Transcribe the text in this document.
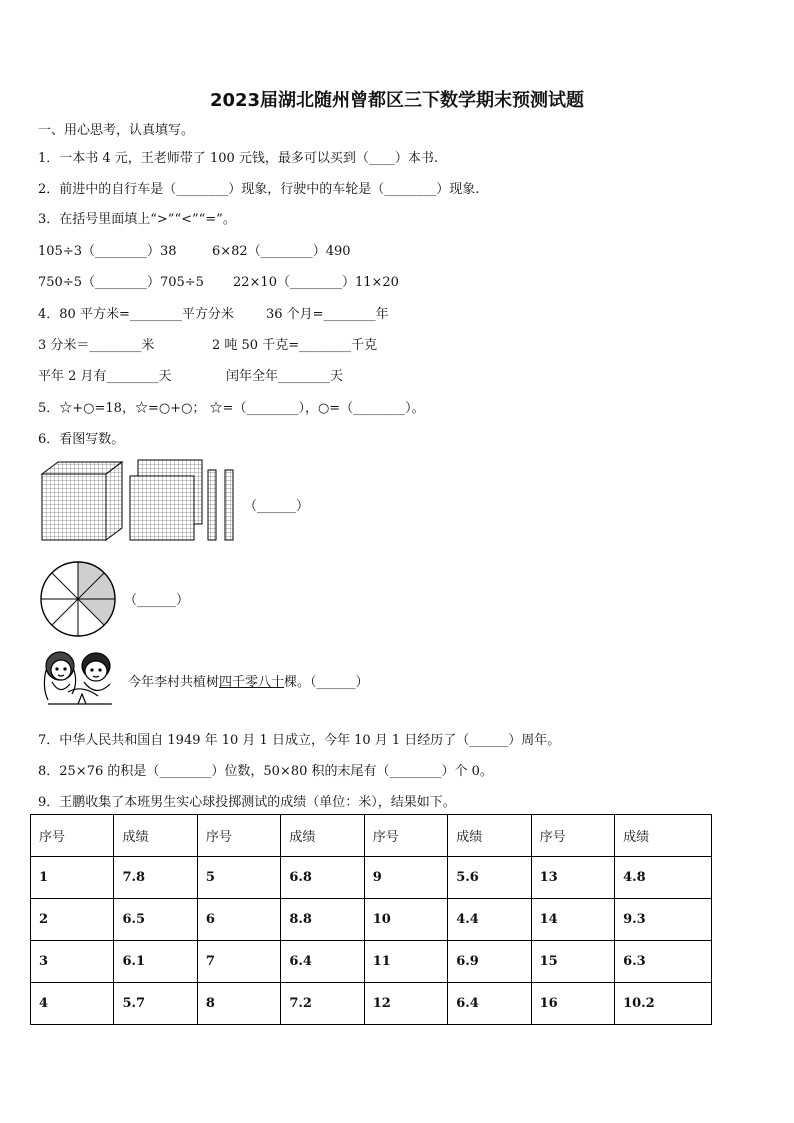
2023届湖北随州曾都区三下数学期末预测试题
一、用心思考，认真填写。
1．一本书 4 元，王老师带了 100 元钱，最多可以买到（____）本书.
2．前进中的自行车是（________）现象，行驶中的车轮是（________）现象.
3．在括号里面填上“>”“<”“=”。
105÷3（________）38	6×82（________）490
750÷5（________）705÷5 22×10（________）11×20
4．80 平方米=________平方分米 36 个月=________年
3 分米＝________米	2 吨 50 千克=________千克
平年 2 月有________天	闰年全年________天
5．☆+○=18，☆=○+○； ☆=（________），○=（________）。
6．看图写数。
（______）
（______）
今年李村共植树四千零八十棵。（______）
7．中华人民共和国自 1949 年 10 月 1 日成立，今年 10 月 1 日经历了（______）周年。
8．25×76 的积是（________）位数，50×80 积的末尾有（________）个 0。
9．王鹏收集了本班男生实心球投掷测试的成绩（单位：米），结果如下。
序号	成绩	序号	成绩	序号	成绩	序号	成绩
1	7.8	5	6.8	9	5.6	13	4.8
2	6.5	6	8.8	10	4.4	14	9.3
3	6.1	7	6.4	11	6.9	15	6.3
4	5.7	8	7.2	12	6.4	16	10.2
